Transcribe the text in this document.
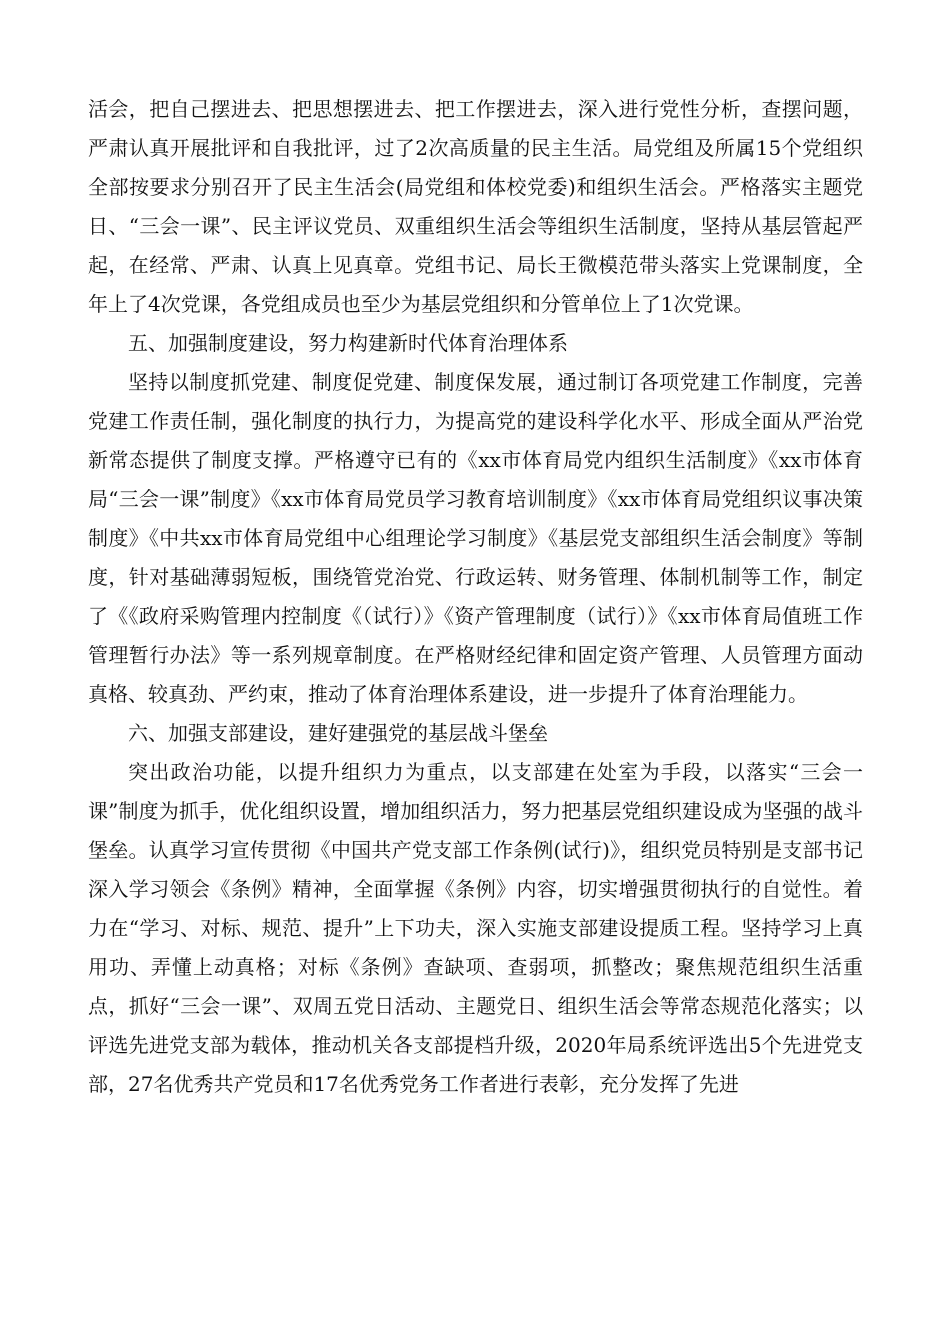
活会，把自己摆进去、把思想摆进去、把工作摆进去，深入进行党性分析，查摆问题，严肃认真开展批评和自我批评，过了2次高质量的民主生活。局党组及所属15个党组织全部按要求分别召开了民主生活会(局党组和体校党委)和组织生活会。严格落实主题党日、“三会一课”、民主评议党员、双重组织生活会等组织生活制度，坚持从基层管起严起，在经常、严肃、认真上见真章。党组书记、局长王微模范带头落实上党课制度，全年上了4次党课，各党组成员也至少为基层党组织和分管单位上了1次党课。

五、加强制度建设，努力构建新时代体育治理体系

坚持以制度抓党建、制度促党建、制度保发展，通过制订各项党建工作制度，完善党建工作责任制，强化制度的执行力，为提高党的建设科学化水平、形成全面从严治党新常态提供了制度支撑。严格遵守已有的《xx市体育局党内组织生活制度》《xx市体育局“三会一课”制度》《xx市体育局党员学习教育培训制度》《xx市体育局党组织议事决策制度》《中共xx市体育局党组中心组理论学习制度》《基层党支部组织生活会制度》等制度，针对基础薄弱短板，围绕管党治党、行政运转、财务管理、体制机制等工作，制定了《《政府采购管理内控制度《（试行）》《资产管理制度（试行）》《xx市体育局值班工作管理暂行办法》等一系列规章制度。在严格财经纪律和固定资产管理、人员管理方面动真格、较真劲、严约束，推动了体育治理体系建设，进一步提升了体育治理能力。

六、加强支部建设，建好建强党的基层战斗堡垒

突出政治功能，以提升组织力为重点，以支部建在处室为手段，以落实“三会一课”制度为抓手，优化组织设置，增加组织活力，努力把基层党组织建设成为坚强的战斗堡垒。认真学习宣传贯彻《中国共产党支部工作条例(试行)》，组织党员特别是支部书记深入学习领会《条例》精神，全面掌握《条例》内容，切实增强贯彻执行的自觉性。着力在“学习、对标、规范、提升”上下功夫，深入实施支部建设提质工程。坚持学习上真用功、弄懂上动真格；对标《条例》查缺项、查弱项，抓整改；聚焦规范组织生活重点，抓好“三会一课”、双周五党日活动、主题党日、组织生活会等常态规范化落实；以评选先进党支部为载体，推动机关各支部提档升级，2020年局系统评选出5个先进党支部，27名优秀共产党员和17名优秀党务工作者进行表彰，充分发挥了先进
